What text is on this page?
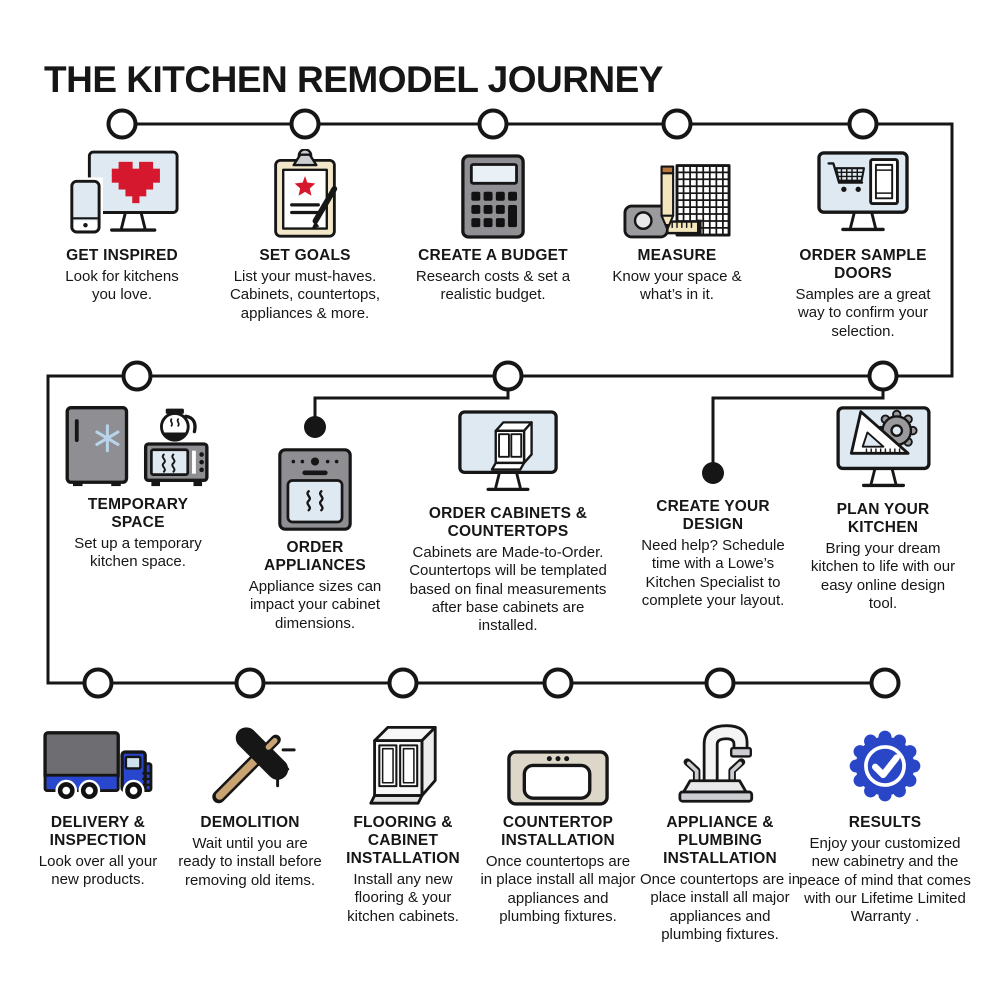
THE KITCHEN REMODEL JOURNEY
GET INSPIRED

Look for kitchens you love.

SET GOALS

List your must-haves. Cabinets, countertops, appliances & more.

CREATE A BUDGET

Research costs & set a realistic budget.

MEASURE

Know your space & what’s in it.

ORDER SAMPLE DOORS

Samples are a great way to confirm your selection.

TEMPORARY SPACE

Set up a temporary kitchen space.

ORDER APPLIANCES

Appliance sizes can impact your cabinet dimensions.

ORDER CABINETS & COUNTERTOPS

Cabinets are Made-to-Order. Countertops will be templated based on final measurements after base cabinets are installed.

CREATE YOUR DESIGN

Need help? Schedule time with a Lowe’s Kitchen Specialist to complete your layout.

PLAN YOUR KITCHEN

Bring your dream kitchen to life with our easy online design tool.

DELIVERY & INSPECTION

Look over all your new products.

DEMOLITION

Wait until you are ready to install before removing old items.

FLOORING & CABINET INSTALLATION

Install any new flooring & your kitchen cabinets.

COUNTERTOP INSTALLATION

Once countertops are in place install all major appliances and plumbing fixtures.

APPLIANCE & PLUMBING INSTALLATION

Once countertops are in place install all major appliances and plumbing fixtures.

RESULTS

Enjoy your customized new cabinetry and the peace of mind that comes with our Lifetime Limited Warranty .
